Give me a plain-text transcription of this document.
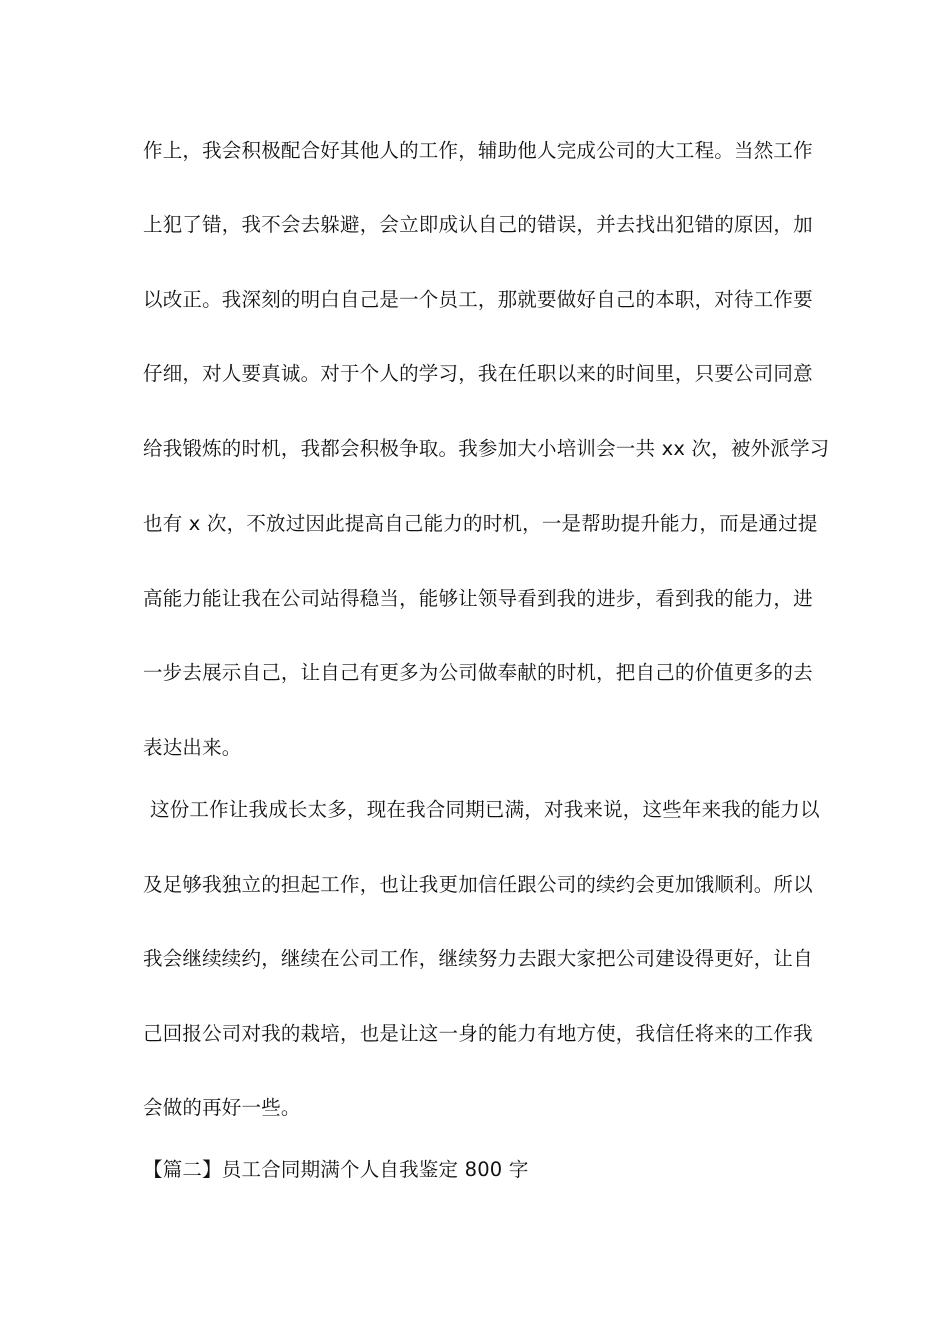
作上，我会积极配合好其他人的工作，辅助他人完成公司的大工程。当然工作
上犯了错，我不会去躲避，会立即成认自己的错误，并去找出犯错的原因，加
以改正。我深刻的明白自己是一个员工，那就要做好自己的本职，对待工作要
仔细，对人要真诚。对于个人的学习，我在任职以来的时间里，只要公司同意
给我锻炼的时机，我都会积极争取。我参加大小培训会一共 xx 次，被外派学习
也有 x 次，不放过因此提高自己能力的时机，一是帮助提升能力，而是通过提
高能力能让我在公司站得稳当，能够让领导看到我的进步，看到我的能力，进
一步去展示自己，让自己有更多为公司做奉献的时机，把自己的价值更多的去
表达出来。
这份工作让我成长太多，现在我合同期已满，对我来说，这些年来我的能力以
及足够我独立的担起工作，也让我更加信任跟公司的续约会更加饿顺利。所以
我会继续续约，继续在公司工作，继续努力去跟大家把公司建设得更好，让自
己回报公司对我的栽培，也是让这一身的能力有地方使，我信任将来的工作我
会做的再好一些。
【篇二】员工合同期满个人自我鉴定 800 字
